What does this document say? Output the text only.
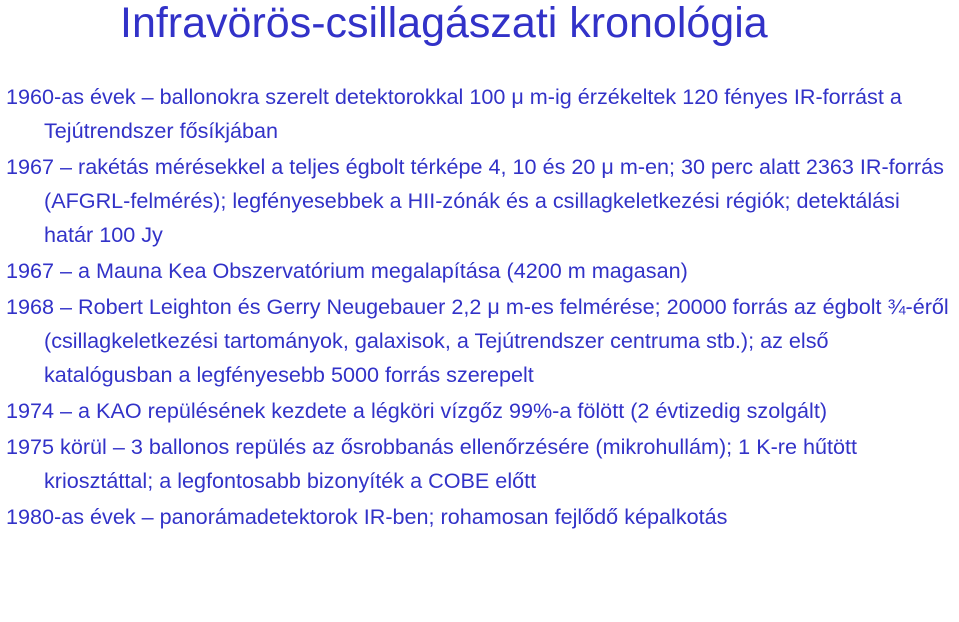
Infravörös-csillagászati kronológia
1960-as évek – ballonokra szerelt detektorokkal 100 μ m-ig érzékeltek 120 fényes IR-forrást a Tejútrendszer fősíkjában
1967 – rakétás mérésekkel a teljes égbolt térképe 4, 10 és 20 μ m-en; 30 perc alatt 2363 IR-forrás (AFGRL-felmérés); legfényesebbek a HII-zónák és a csillagkeletkezési régiók; detektálási határ 100 Jy
1967 – a Mauna Kea Obszervatórium megalapítása (4200 m magasan)
1968 – Robert Leighton és Gerry Neugebauer 2,2 μ m-es felmérése; 20000 forrás az égbolt ¾-éről (csillagkeletkezési tartományok, galaxisok, a Tejútrendszer centruma stb.); az első katalógusban a legfényesebb 5000 forrás szerepelt
1974 – a KAO repülésének kezdete a légköri vízgőz 99%-a fölött (2 évtizedig szolgált)
1975 körül – 3 ballonos repülés az ősrobbanás ellenőrzésére (mikrohullám); 1 K-re hűtött kriosztáttal; a legfontosabb bizonyíték a COBE előtt
1980-as évek – panorámadetektorok IR-ben; rohamosan fejlődő képalkotás
